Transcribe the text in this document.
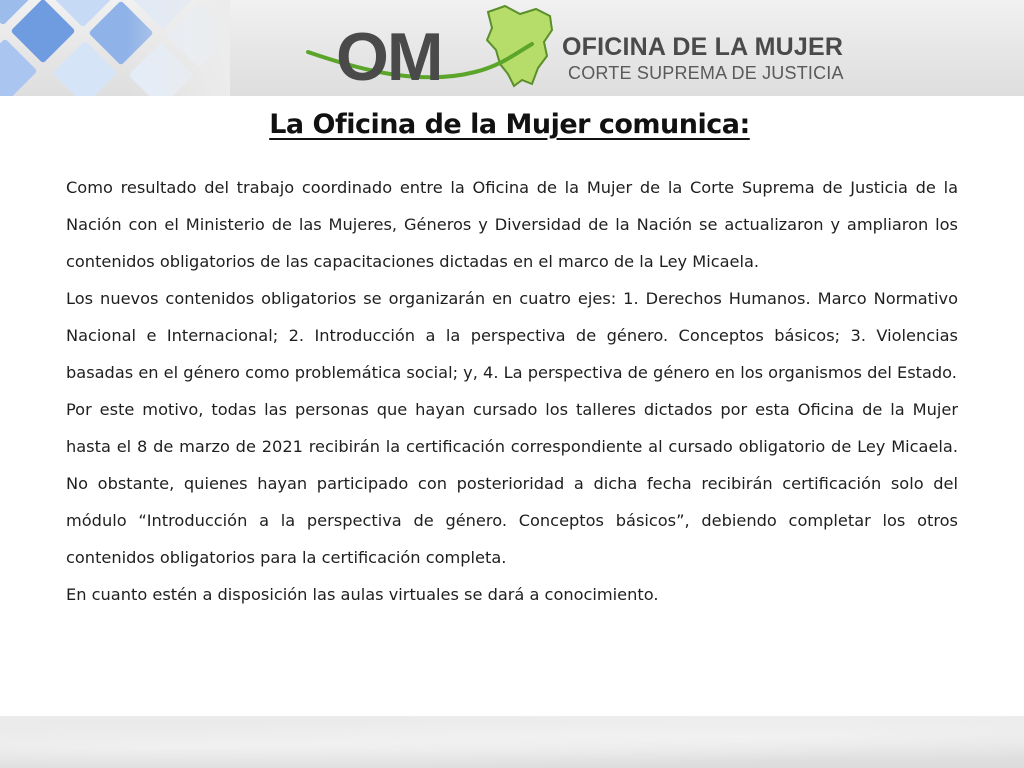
OM	OFICINA DE LA MUJER
CORTE SUPREMA DE JUSTICIA
La Oficina de la Mujer comunica:

Como resultado del trabajo coordinado entre la Oficina de la Mujer de la Corte Suprema de Justicia de la Nación con el Ministerio de las Mujeres, Géneros y Diversidad de la Nación se actualizaron y ampliaron los contenidos obligatorios de las capacitaciones dictadas en el marco de la Ley Micaela.

Los nuevos contenidos obligatorios se organizarán en cuatro ejes: 1. Derechos Humanos. Marco Normativo Nacional e Internacional; 2. Introducción a la perspectiva de género. Conceptos básicos; 3. Violencias basadas en el género como problemática social; y, 4. La perspectiva de género en los organismos del Estado.

Por este motivo, todas las personas que hayan cursado los talleres dictados por esta Oficina de la Mujer hasta el 8 de marzo de 2021 recibirán la certificación correspondiente al cursado obligatorio de Ley Micaela. No obstante, quienes hayan participado con posterioridad a dicha fecha recibirán certificación solo del módulo “Introducción a la perspectiva de género. Conceptos básicos”, debiendo completar los otros contenidos obligatorios para la certificación completa.

En cuanto estén a disposición las aulas virtuales se dará a conocimiento.
